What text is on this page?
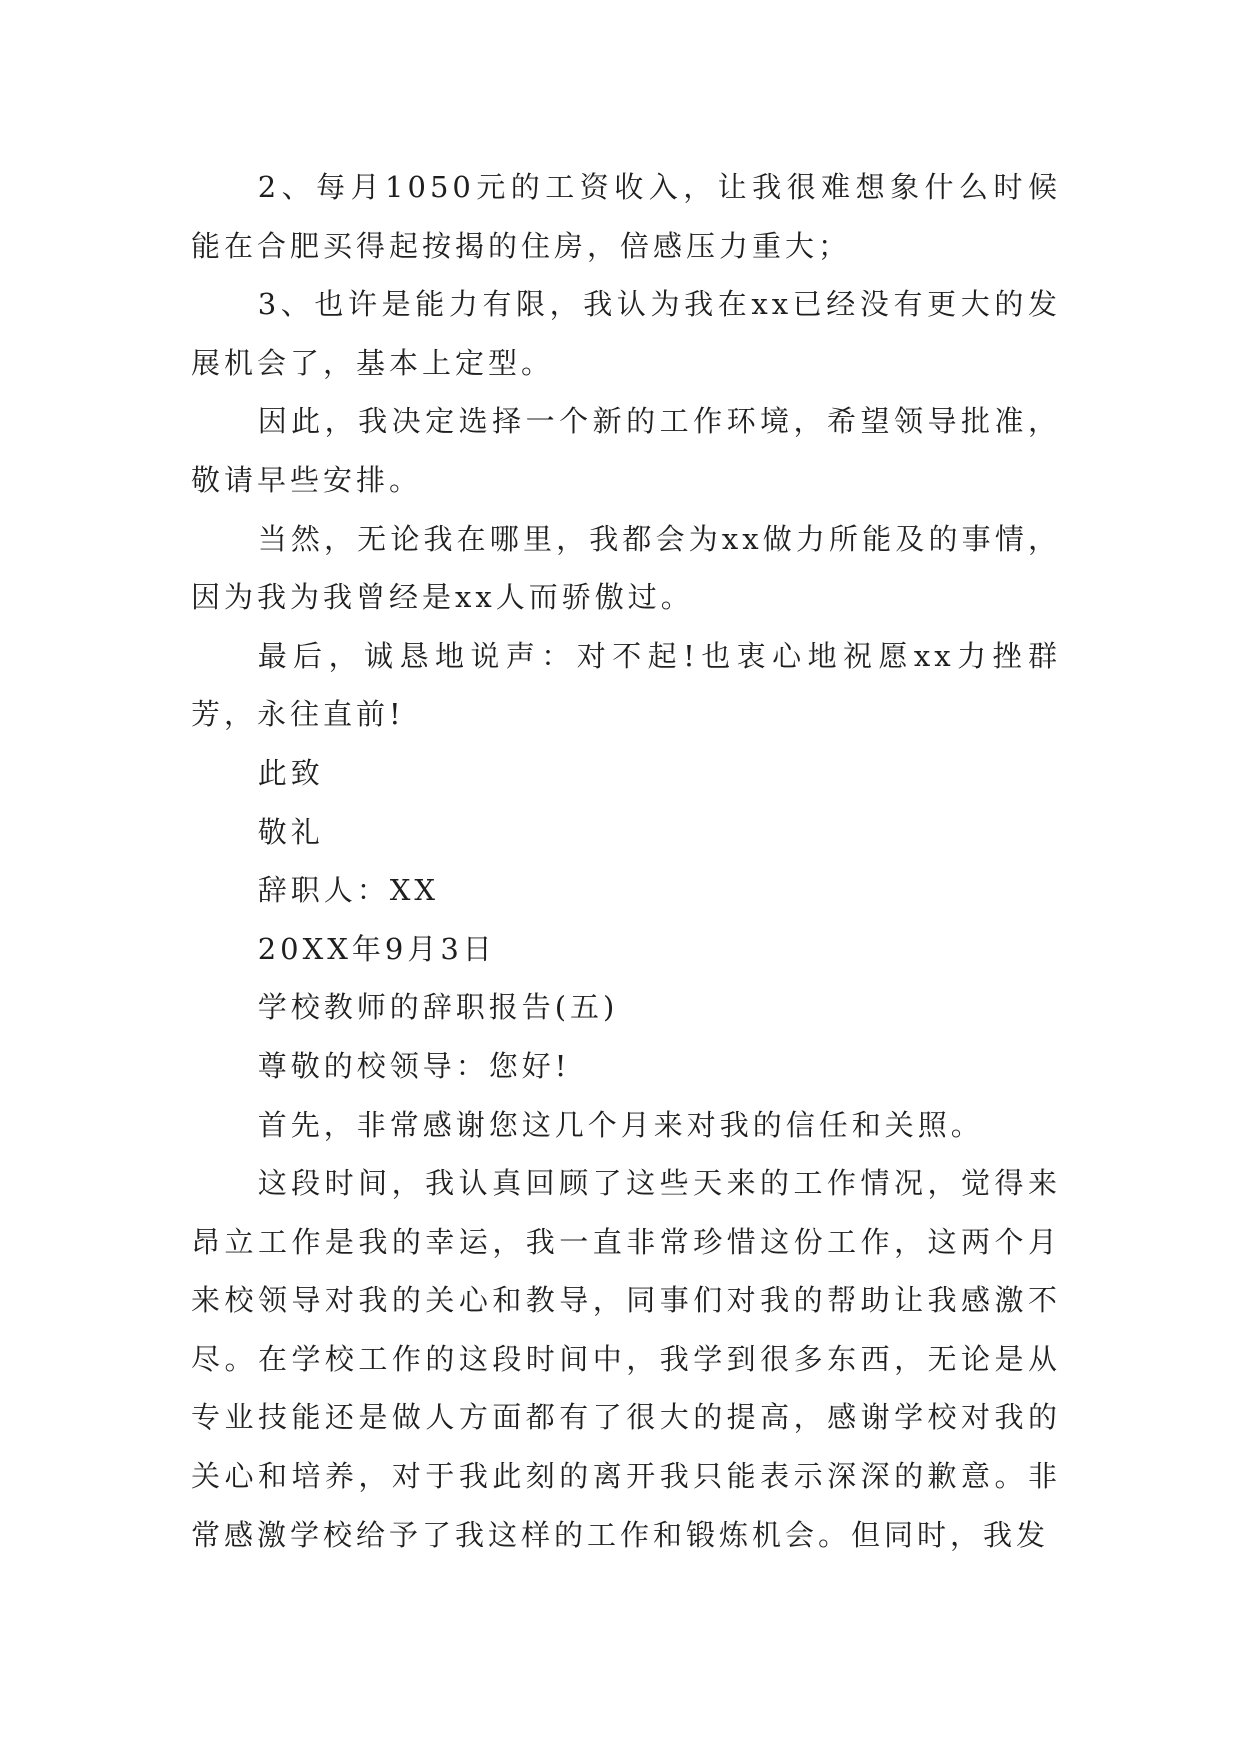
2、每月1050元的工资收入，让我很难想象什么时候能在合肥买得起按揭的住房，倍感压力重大；

3、也许是能力有限，我认为我在xx已经没有更大的发展机会了，基本上定型。

因此，我决定选择一个新的工作环境，希望领导批准，敬请早些安排。

当然，无论我在哪里，我都会为xx做力所能及的事情，因为我为我曾经是xx人而骄傲过。

最后，诚恳地说声：对不起!也衷心地祝愿xx力挫群芳，永往直前!

此致

敬礼

辞职人：XX

20XX年9月3日

学校教师的辞职报告(五)

尊敬的校领导：您好!

首先，非常感谢您这几个月来对我的信任和关照。

这段时间，我认真回顾了这些天来的工作情况，觉得来昂立工作是我的幸运，我一直非常珍惜这份工作，这两个月来校领导对我的关心和教导，同事们对我的帮助让我感激不尽。在学校工作的这段时间中，我学到很多东西，无论是从专业技能还是做人方面都有了很大的提高，感谢学校对我的关心和培养，对于我此刻的离开我只能表示深深的歉意。非常感激学校给予了我这样的工作和锻炼机会。但同时，我发
